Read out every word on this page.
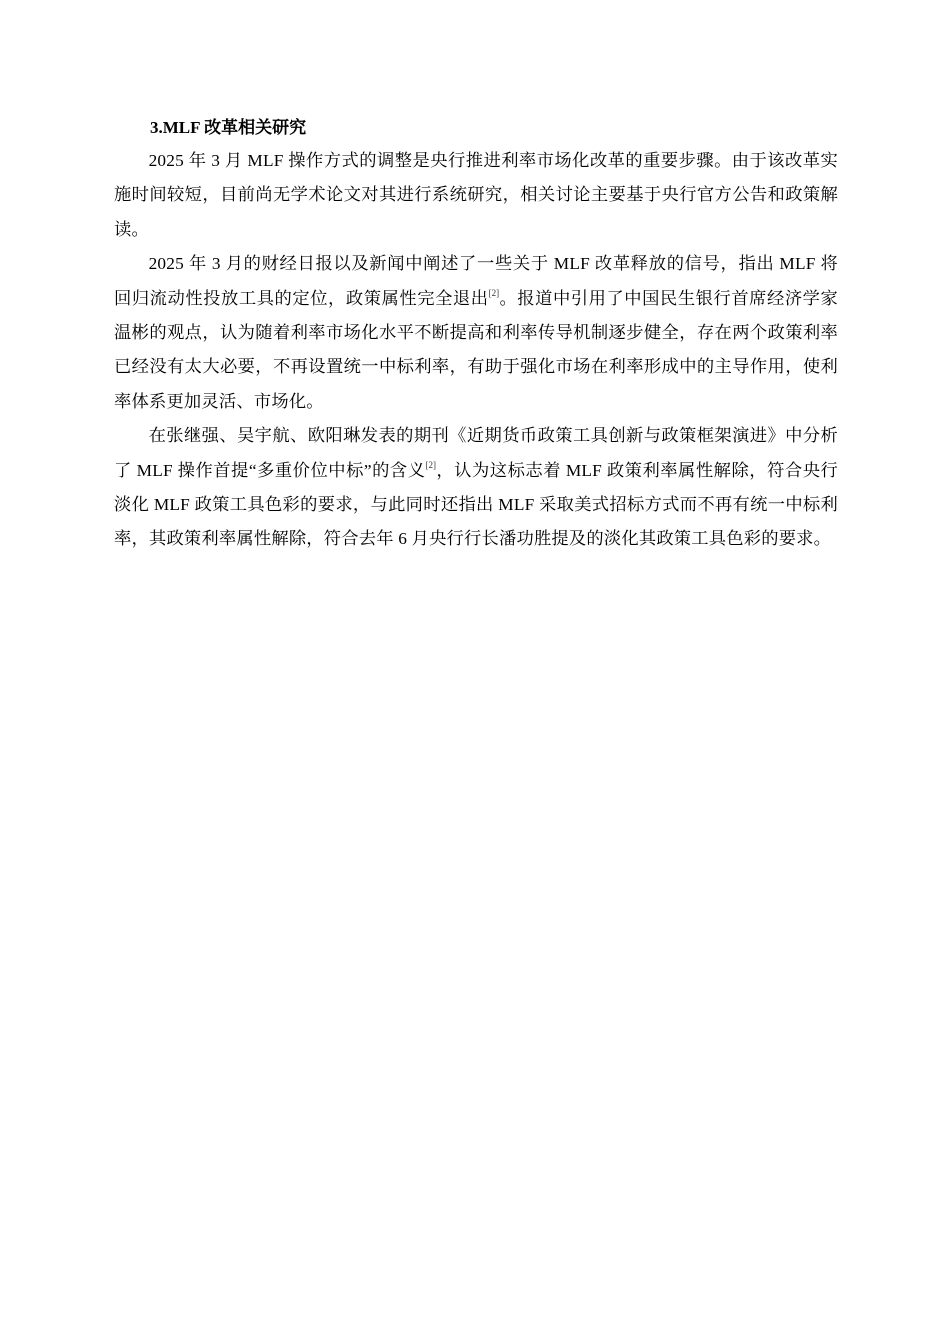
3.MLF 改革相关研究

2025 年 3 月 MLF 操作方式的调整是央行推进利率市场化改革的重要步骤。由于该改革实施时间较短，目前尚无学术论文对其进行系统研究，相关讨论主要基于央行官方公告和政策解读。

2025 年 3 月的财经日报以及新闻中阐述了一些关于 MLF 改革释放的信号，指出 MLF 将回归流动性投放工具的定位，政策属性完全退出[2]。报道中引用了中国民生银行首席经济学家温彬的观点，认为随着利率市场化水平不断提高和利率传导机制逐步健全，存在两个政策利率已经没有太大必要，不再设置统一中标利率，有助于强化市场在利率形成中的主导作用，使利率体系更加灵活、市场化。

在张继强、吴宇航、欧阳琳发表的期刊《近期货币政策工具创新与政策框架演进》中分析了 MLF 操作首提“多重价位中标”的含义[2]，认为这标志着 MLF 政策利率属性解除，符合央行淡化 MLF 政策工具色彩的要求，与此同时还指出 MLF 采取美式招标方式而不再有统一中标利率，其政策利率属性解除，符合去年 6 月央行行长潘功胜提及的淡化其政策工具色彩的要求。
